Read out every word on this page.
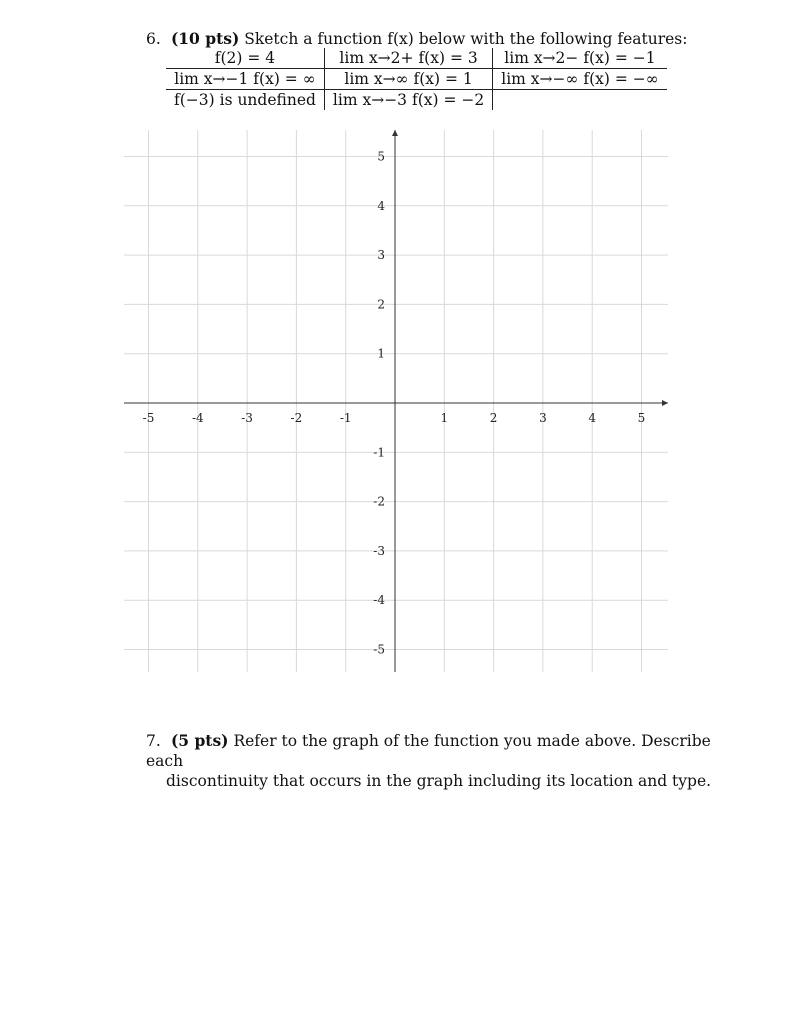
6. (10 pts) Sketch a function f(x) below with the following features:
f(2) = 4	lim x→2+ f(x) = 3	lim x→2− f(x) = −1
lim x→−1 f(x) = ∞	lim x→∞ f(x) = 1	lim x→−∞ f(x) = −∞
f(−3) is undefined	lim x→−3 f(x) = −2	
-5	-4	-3	-2	-1	1	2	3	4	5
5
4
3
2
1
-1
-2
-3
-4
-5
7. (5 pts) Refer to the graph of the function you made above. Describe each
discontinuity that occurs in the graph including its location and type.
